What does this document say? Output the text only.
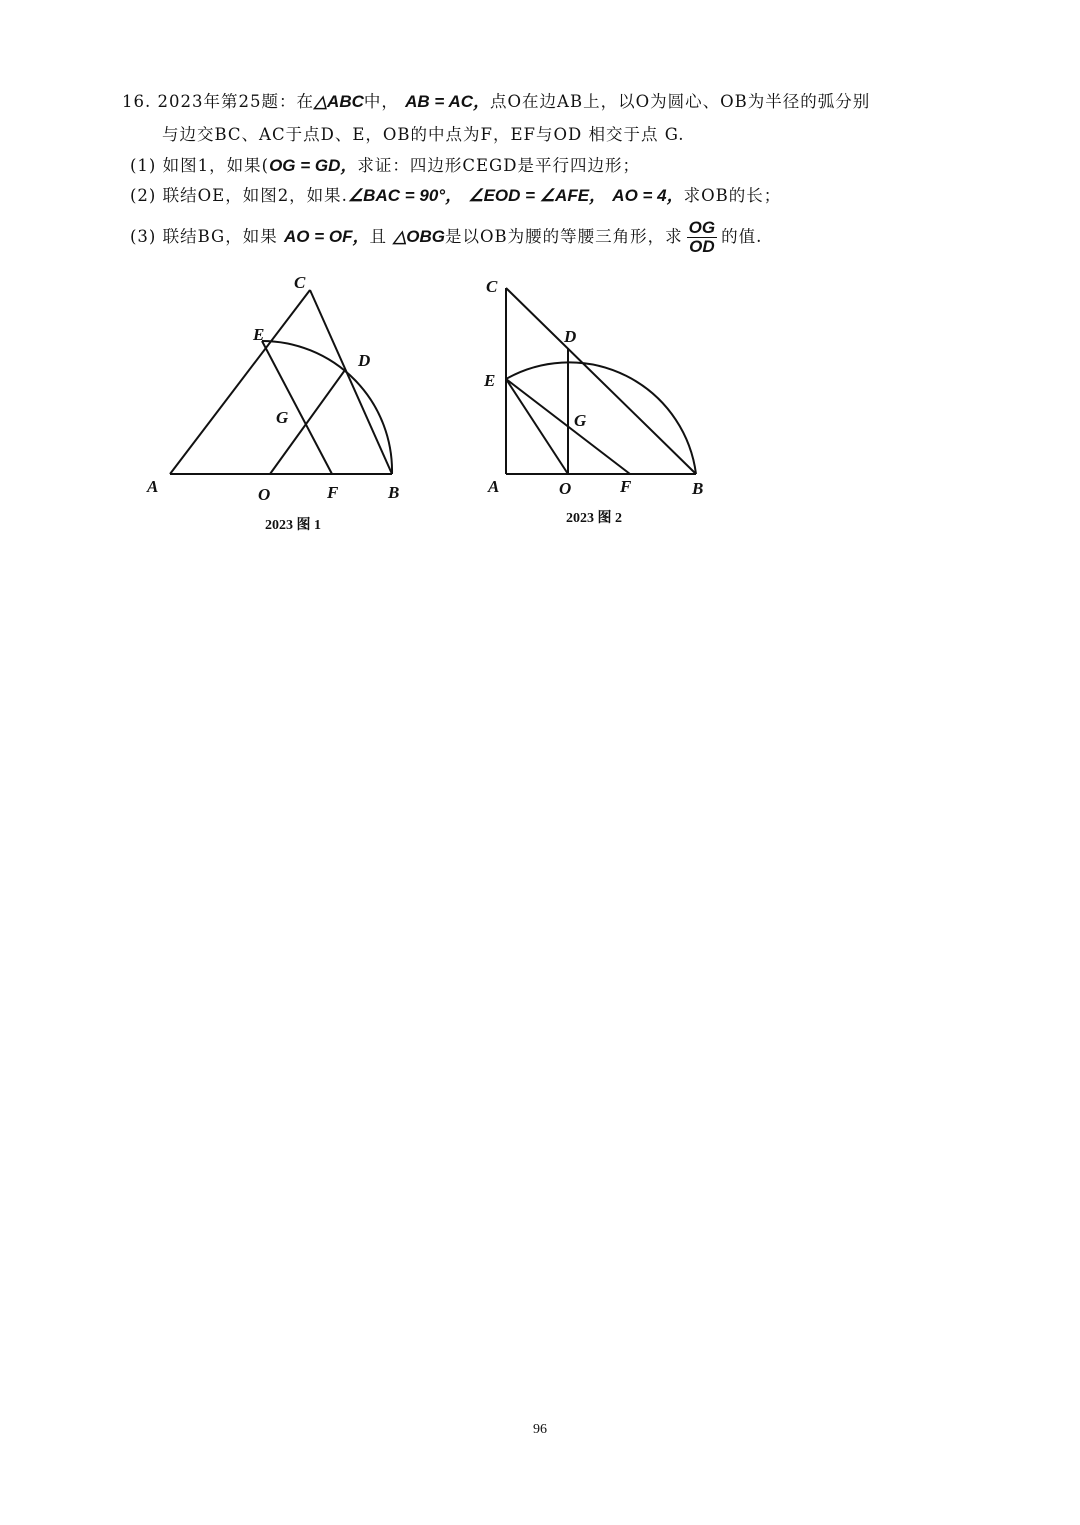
16. 2023年第25题：在△ABC中， AB = AC，点O在边AB上，以O为圆心、OB为半径的弧分别
与边交BC、AC于点D、E，OB的中点为F，EF与OD 相交于点 G.
(1) 如图1，如果(OG = GD，求证：四边形CEGD是平行四边形；
(2) 联结OE，如图2，如果.∠BAC = 90°， ∠EOD = ∠AFE， AO = 4，求OB的长；
(3) 联结BG，如果 AO = OF，且 △OBG是以OB为腰的等腰三角形，求 $\frac{OG}{OD}$ 的值.
C
E
D
G
A	O	F	B
2023 图 1
C
D
E
G
A	O	F	B
2023 图 2
96
